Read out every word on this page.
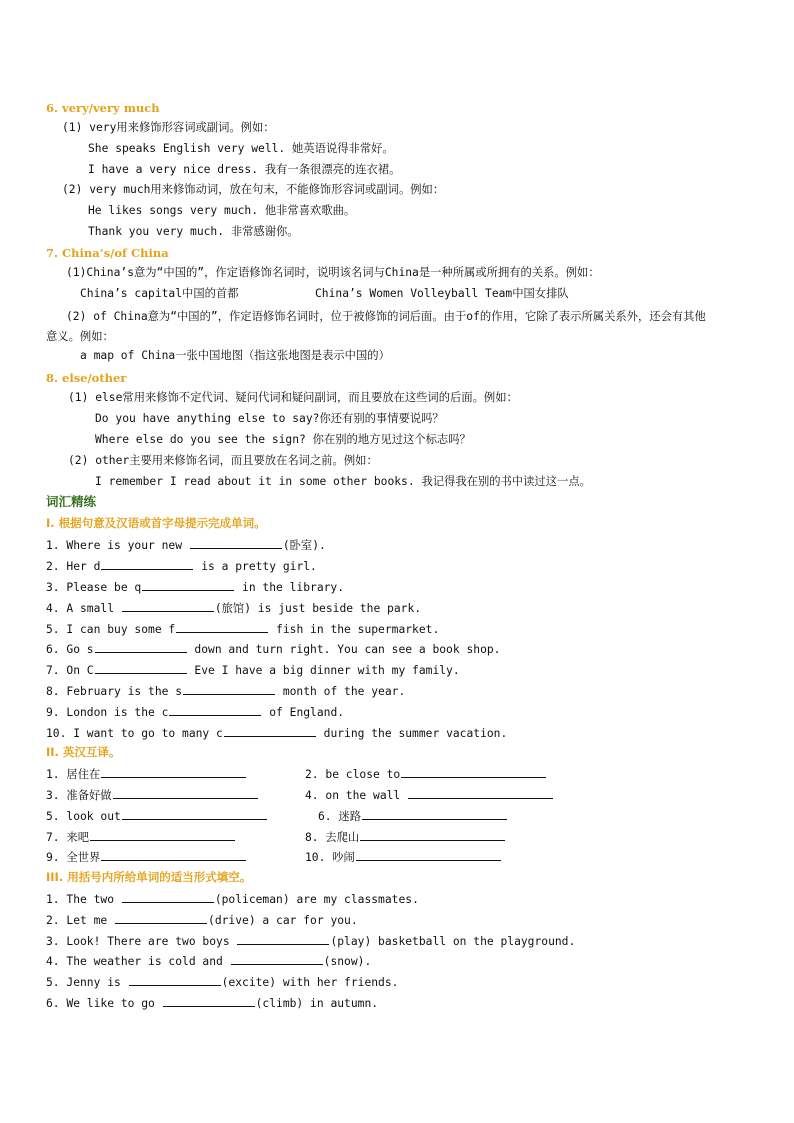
6. very/very much
(1) very用来修饰形容词或副词。例如：
She speaks English very well. 她英语说得非常好。
I have a very nice dress. 我有一条很漂亮的连衣裙。
(2) very much用来修饰动词，放在句末，不能修饰形容词或副词。例如：
He likes songs very much. 他非常喜欢歌曲。
Thank you very much. 非常感谢你。
7. China’s/of China
(1)China’s意为“中国的”，作定语修饰名词时，说明该名词与China是一种所属或所拥有的关系。例如：
China’s capital中国的首都	China’s Women Volleyball Team中国女排队
(2) of China意为“中国的”，作定语修饰名词时，位于被修饰的词后面。由于of的作用，它除了表示所属关系外，还会有其他意义。例如：
a map of China一张中国地图（指这张地图是表示中国的）
8. else/other
(1) else常用来修饰不定代词、疑问代词和疑问副词，而且要放在这些词的后面。例如：
Do you have anything else to say?你还有别的事情要说吗？
Where else do you see the sign? 你在别的地方见过这个标志吗？
(2) other主要用来修饰名词，而且要放在名词之前。例如：
I remember I read about it in some other books. 我记得我在别的书中读过这一点。
词汇精练
I. 根据句意及汉语或首字母提示完成单词。
1. Where is your new	(卧室).
2. Her d	is a pretty girl.
3. Please be q	in the library.
4. A small	(旅馆) is just beside the park.
5. I can buy some f	fish in the supermarket.
6. Go s	down and turn right. You can see a book shop.
7. On C	Eve I have a big dinner with my family.
8. February is the s	month of the year.
9. London is the c	of England.
10. I want to go to many c	during the summer vacation.
II. 英汉互译。
1. 居住在	2. be close to
3. 准备好做	4. on the wall
5. look out	6. 迷路
7. 来吧	8. 去爬山
9. 全世界	10. 吵闹
III. 用括号内所给单词的适当形式填空。
1. The two	(policeman) are my classmates.
2. Let me	(drive) a car for you.
3. Look! There are two boys	(play) basketball on the playground.
4. The weather is cold and	(snow).
5. Jenny is	(excite) with her friends.
6. We like to go	(climb) in autumn.
